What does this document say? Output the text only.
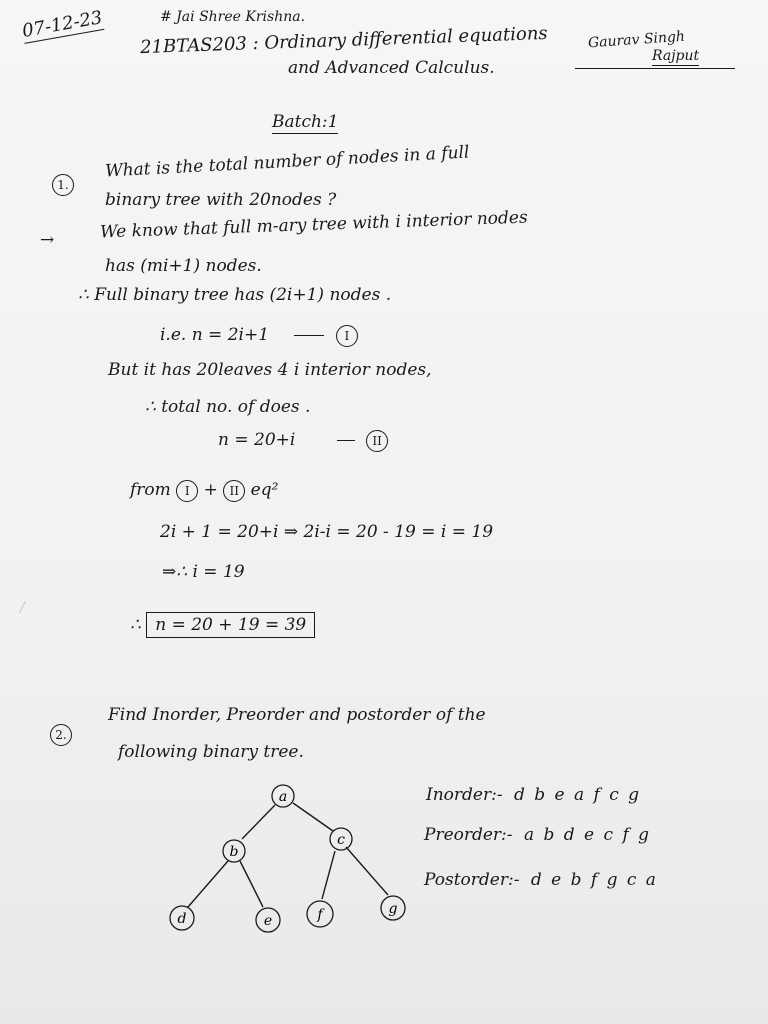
/
07-12-23	# Jai Shree Krishna.
21BTAS203 : Ordinary differential equations
and Advanced Calculus.
Gaurav Singh
Rajput
Batch:1
1.
What is the total number of nodes in a full
binary tree with 20nodes ?
→	We know that full m-ary tree with i interior nodes
has (mi+1) nodes.
∴ Full binary tree has (2i+1) nodes .
i.e. n = 2i+1	I
But it has 20leaves 4 i interior nodes,
∴ total no. of does .
n = 20+i	II
from I + II eq²
2i + 1 = 20+i ⇒ 2i-i = 20 - 19 = i = 19
⇒∴ i = 19
∴ n = 20 + 19 = 39
2.
Find Inorder, Preorder and postorder of the
following binary tree.
Inorder:- d b e a f c g
Preorder:- a b d e c f g
Postorder:- d e b f g c a
a
b
c
d	e	f	g
